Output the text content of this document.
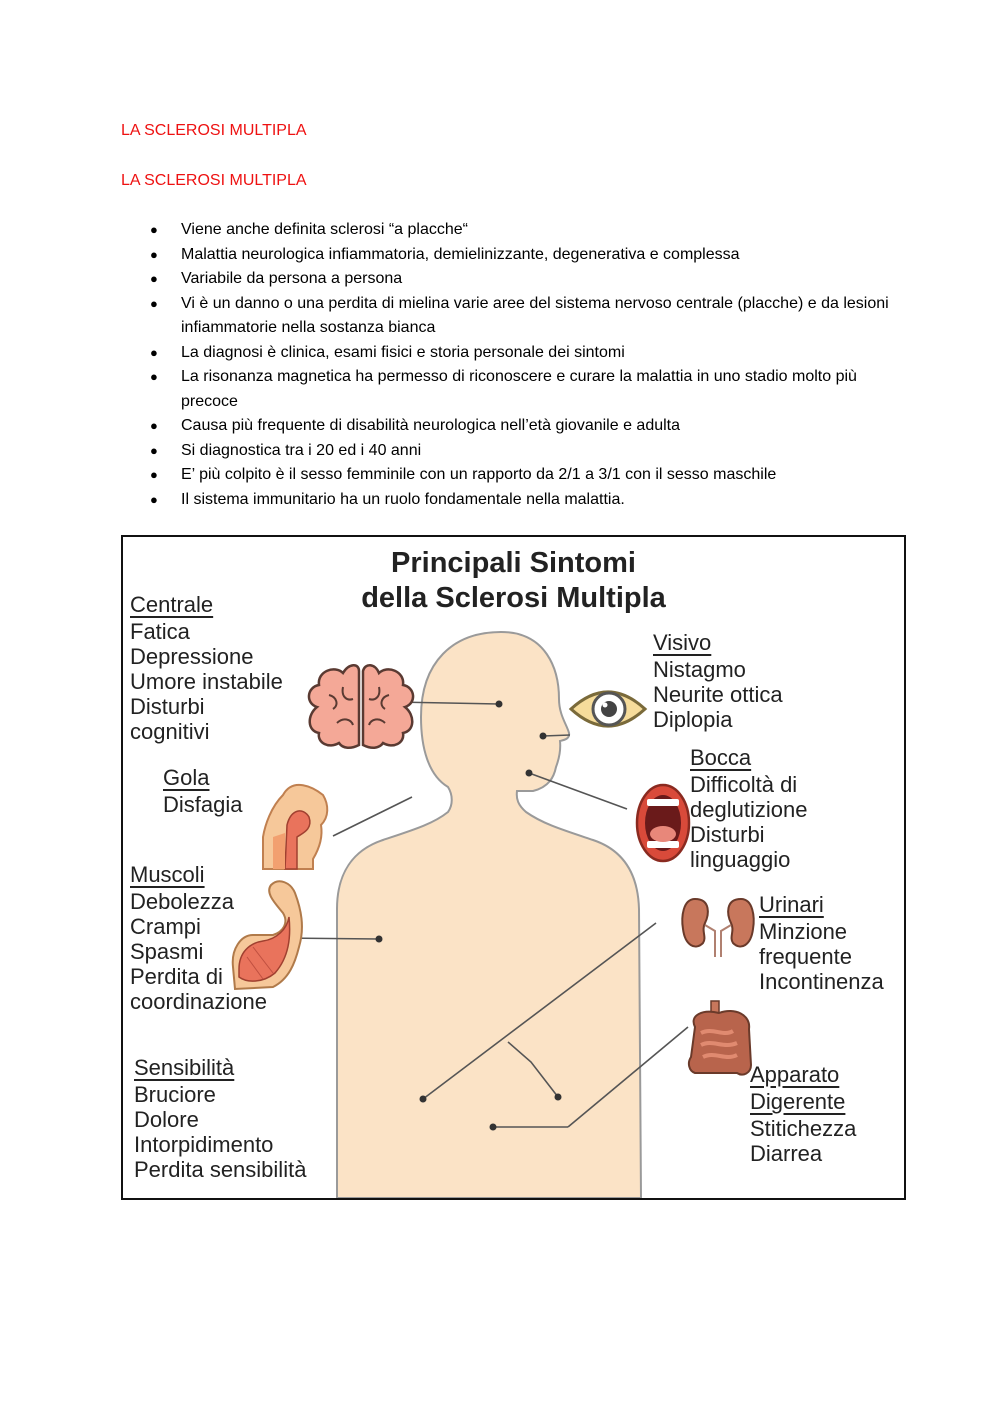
LA SCLEROSI MULTIPLA
LA SCLEROSI MULTIPLA
● Viene anche definita sclerosi “a placche“
● Malattia neurologica infiammatoria, demielinizzante, degenerativa e complessa
● Variabile da persona a persona
● Vi è un danno o una perdita di mielina varie aree del sistema nervoso centrale (placche) e da lesioni infiammatorie nella sostanza bianca
● La diagnosi è clinica, esami fisici e storia personale dei sintomi
● La risonanza magnetica ha permesso di riconoscere e curare la malattia in uno stadio molto più precoce
● Causa più frequente di disabilità neurologica nell’età giovanile e adulta
● Si diagnostica tra i 20 ed i 40 anni
● E’ più colpito è il sesso femminile con un rapporto da 2/1 a 3/1 con il sesso maschile
● Il sistema immunitario ha un ruolo fondamentale nella malattia.
Principali Sintomi
della Sclerosi Multipla
Centrale
Fatica
Depressione
Umore instabile
Disturbi
cognitivi
Gola
Disfagia
Muscoli
Debolezza
Crampi
Spasmi
Perdita di
coordinazione
Sensibilità
Bruciore
Dolore
Intorpidimento
Perdita sensibilità
Visivo
Nistagmo
Neurite ottica
Diplopia
Bocca
Difficoltà di
deglutizione
Disturbi
linguaggio
Urinari
Minzione
frequente
Incontinenza
Apparato
Digerente
Stitichezza
Diarrea
